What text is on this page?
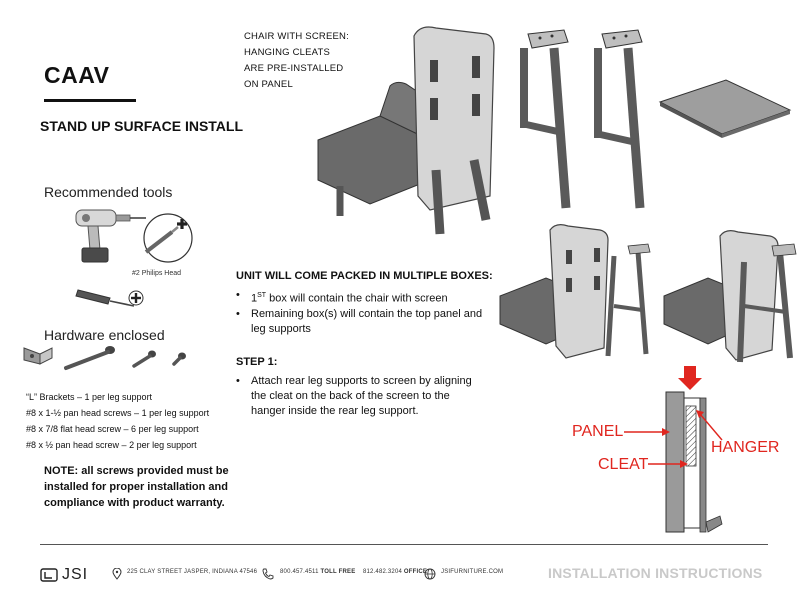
CAAV
STAND UP SURFACE INSTALL
Recommended tools
#2 Philips Head
Hardware enclosed
“L” Brackets – 1 per leg support
#8 x 1-½ pan head screws – 1 per leg support
#8 x 7/8 flat head screw – 6 per leg support
#8 x ½ pan head screw – 2 per leg support
NOTE: all screws provided must be installed for proper installation and compliance with product warranty.
CHAIR WITH SCREEN:
HANGING CLEATS
ARE PRE-INSTALLED
ON PANEL
UNIT WILL COME PACKED IN MULTIPLE BOXES:
• 1ST box will contain the chair with screen
• Remaining box(s) will contain the top panel and leg supports
STEP 1:
• Attach rear leg supports to screen by aligning the cleat on the back of the screen to the hanger inside the rear leg support.
PANEL
CLEAT
HANGER
JSI	225 CLAY STREET JASPER, INDIANA 47546	800.457.4511 TOLL FREE 812.482.3204 OFFICE JSIFURNITURE.COM	INSTALLATION INSTRUCTIONS
